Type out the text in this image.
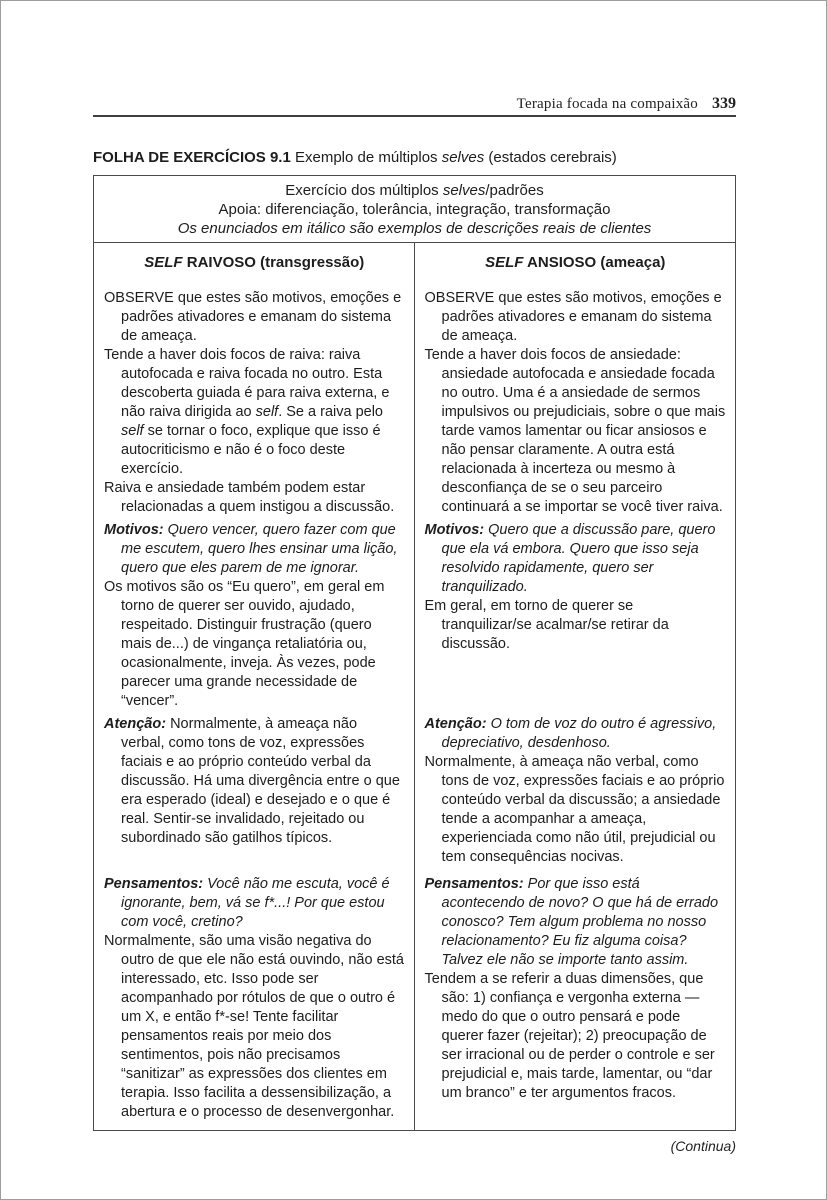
Terapia focada na compaixão 339
FOLHA DE EXERCÍCIOS 9.1 Exemplo de múltiplos selves (estados cerebrais)
Exercício dos múltiplos selves/padrões
Apoia: diferenciação, tolerância, integração, transformação
Os enunciados em itálico são exemplos de descrições reais de clientes
SELF RAIVOSO (transgressão)	SELF ANSIOSO (ameaça)

OBSERVE que estes são motivos, emoções e padrões ativadores e emanam do sistema de ameaça.

Tende a haver dois focos de raiva: raiva autofocada e raiva focada no outro. Esta descoberta guiada é para raiva externa, e não raiva dirigida ao self. Se a raiva pelo self se tornar o foco, explique que isso é autocriticismo e não é o foco deste exercício.

Raiva e ansiedade também podem estar relacionadas a quem instigou a discussão.

OBSERVE que estes são motivos, emoções e padrões ativadores e emanam do sistema de ameaça.

Tende a haver dois focos de ansiedade: ansiedade autofocada e ansiedade focada no outro. Uma é a ansiedade de sermos impulsivos ou prejudiciais, sobre o que mais tarde vamos lamentar ou ficar ansiosos e não pensar claramente. A outra está relacionada à incerteza ou mesmo à desconfiança de se o seu parceiro continuará a se importar se você tiver raiva.

Motivos: Quero vencer, quero fazer com que me escutem, quero lhes ensinar uma lição, quero que eles parem de me ignorar.

Os motivos são os “Eu quero”, em geral em torno de querer ser ouvido, ajudado, respeitado. Distinguir frustração (quero mais de...) de vingança retaliatória ou, ocasionalmente, inveja. Às vezes, pode parecer uma grande necessidade de “vencer”.

Motivos: Quero que a discussão pare, quero que ela vá embora. Quero que isso seja resolvido rapidamente, quero ser tranquilizado.

Em geral, em torno de querer se tranquilizar/se acalmar/se retirar da discussão.

Atenção: Normalmente, à ameaça não verbal, como tons de voz, expressões faciais e ao próprio conteúdo verbal da discussão. Há uma divergência entre o que era esperado (ideal) e desejado e o que é real. Sentir-se invalidado, rejeitado ou subordinado são gatilhos típicos.

Atenção: O tom de voz do outro é agressivo, depreciativo, desdenhoso.

Normalmente, à ameaça não verbal, como tons de voz, expressões faciais e ao próprio conteúdo verbal da discussão; a ansiedade tende a acompanhar a ameaça, experienciada como não útil, prejudicial ou tem consequências nocivas.

Pensamentos: Você não me escuta, você é ignorante, bem, vá se f*...! Por que estou com você, cretino?

Normalmente, são uma visão negativa do outro de que ele não está ouvindo, não está interessado, etc. Isso pode ser acompanhado por rótulos de que o outro é um X, e então f*-se! Tente facilitar pensamentos reais por meio dos sentimentos, pois não precisamos “sanitizar” as expressões dos clientes em terapia. Isso facilita a dessensibilização, a abertura e o processo de desenvergonhar.

Pensamentos: Por que isso está acontecendo de novo? O que há de errado conosco? Tem algum problema no nosso relacionamento? Eu fiz alguma coisa? Talvez ele não se importe tanto assim.

Tendem a se referir a duas dimensões, que são: 1) confiança e vergonha externa — medo do que o outro pensará e pode querer fazer (rejeitar); 2) preocupação de ser irracional ou de perder o controle e ser prejudicial e, mais tarde, lamentar, ou “dar um branco” e ter argumentos fracos.

(Continua)
